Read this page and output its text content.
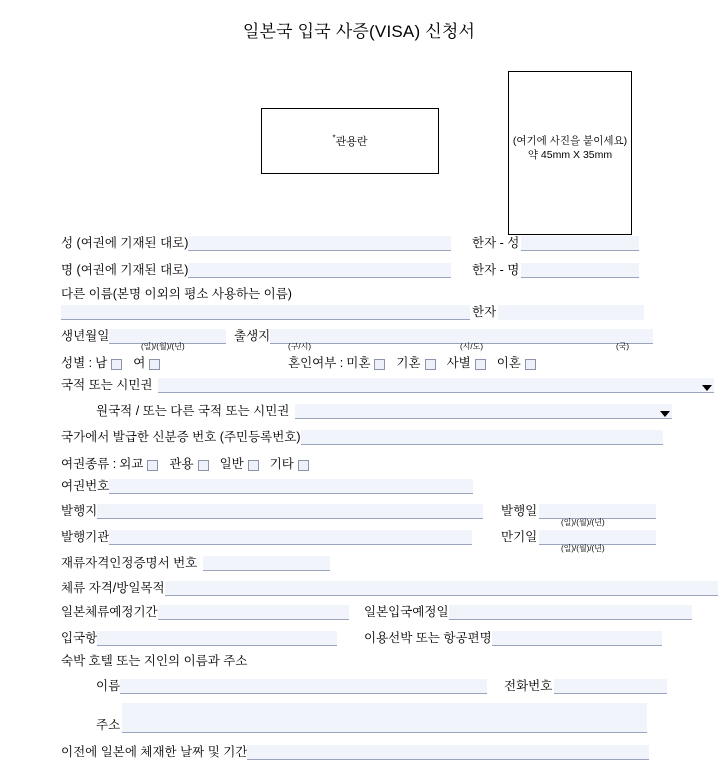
일본국 입국 사증(VISA) 신청서
*관용란	(여기에 사진을 붙이세요)
약 45mm X 35mm
성 (여권에 기재된 대로)	한자 - 성
명 (여권에 기재된 대로)	한자 - 명
다른 이름(본명 이외의 평소 사용하는 이름)
한자
생년월일
(일)/(월)/(년)
출생지
(구/시)	(시/도)	(국)
성별 : 남 여	혼인여부 : 미혼 기혼 사별 이혼
국적 또는 시민권
원국적 / 또는 다른 국적 또는 시민권
국가에서 발급한 신분증 번호 (주민등록번호)
여권종류 : 외교 관용 일반 기타
여권번호
발행지	발행일
(일)/(월)/(년)
발행기관	만기일
(일)/(월)/(년)
재류자격인정증명서 번호
체류 자격/방일목적
일본체류예정기간	일본입국예정일
입국항	이용선박 또는 항공편명
숙박 호텔 또는 지인의 이름과 주소
이름	전화번호
주소
이전에 일본에 체재한 날짜 및 기간
